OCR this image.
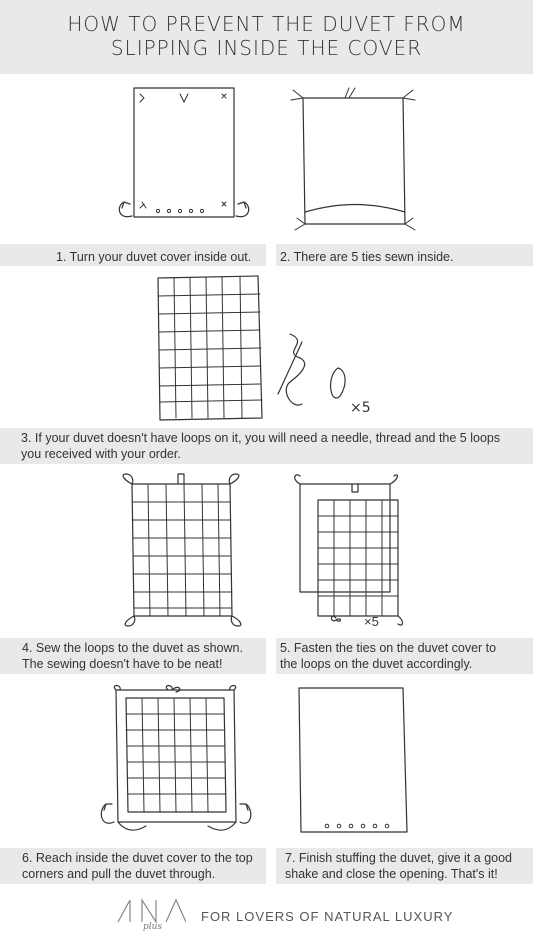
HOW TO PREVENT THE DUVET FROM
SLIPPING INSIDE THE COVER
1. Turn your duvet cover inside out.	2. There are 5 ties sewn inside.
×5
3. If your duvet doesn't have loops on it, you will need a needle, thread and the 5 loops
you received with your order.
×5
4. Sew the loops to the duvet as shown.
The sewing doesn't have to be neat!
5. Fasten the ties on the duvet cover to
the loops on the duvet accordingly.
6. Reach inside the duvet cover to the top
corners and pull the duvet through.
7. Finish stuffing the duvet, give it a good
shake and close the opening. That's it!
plus
FOR LOVERS OF NATURAL LUXURY
